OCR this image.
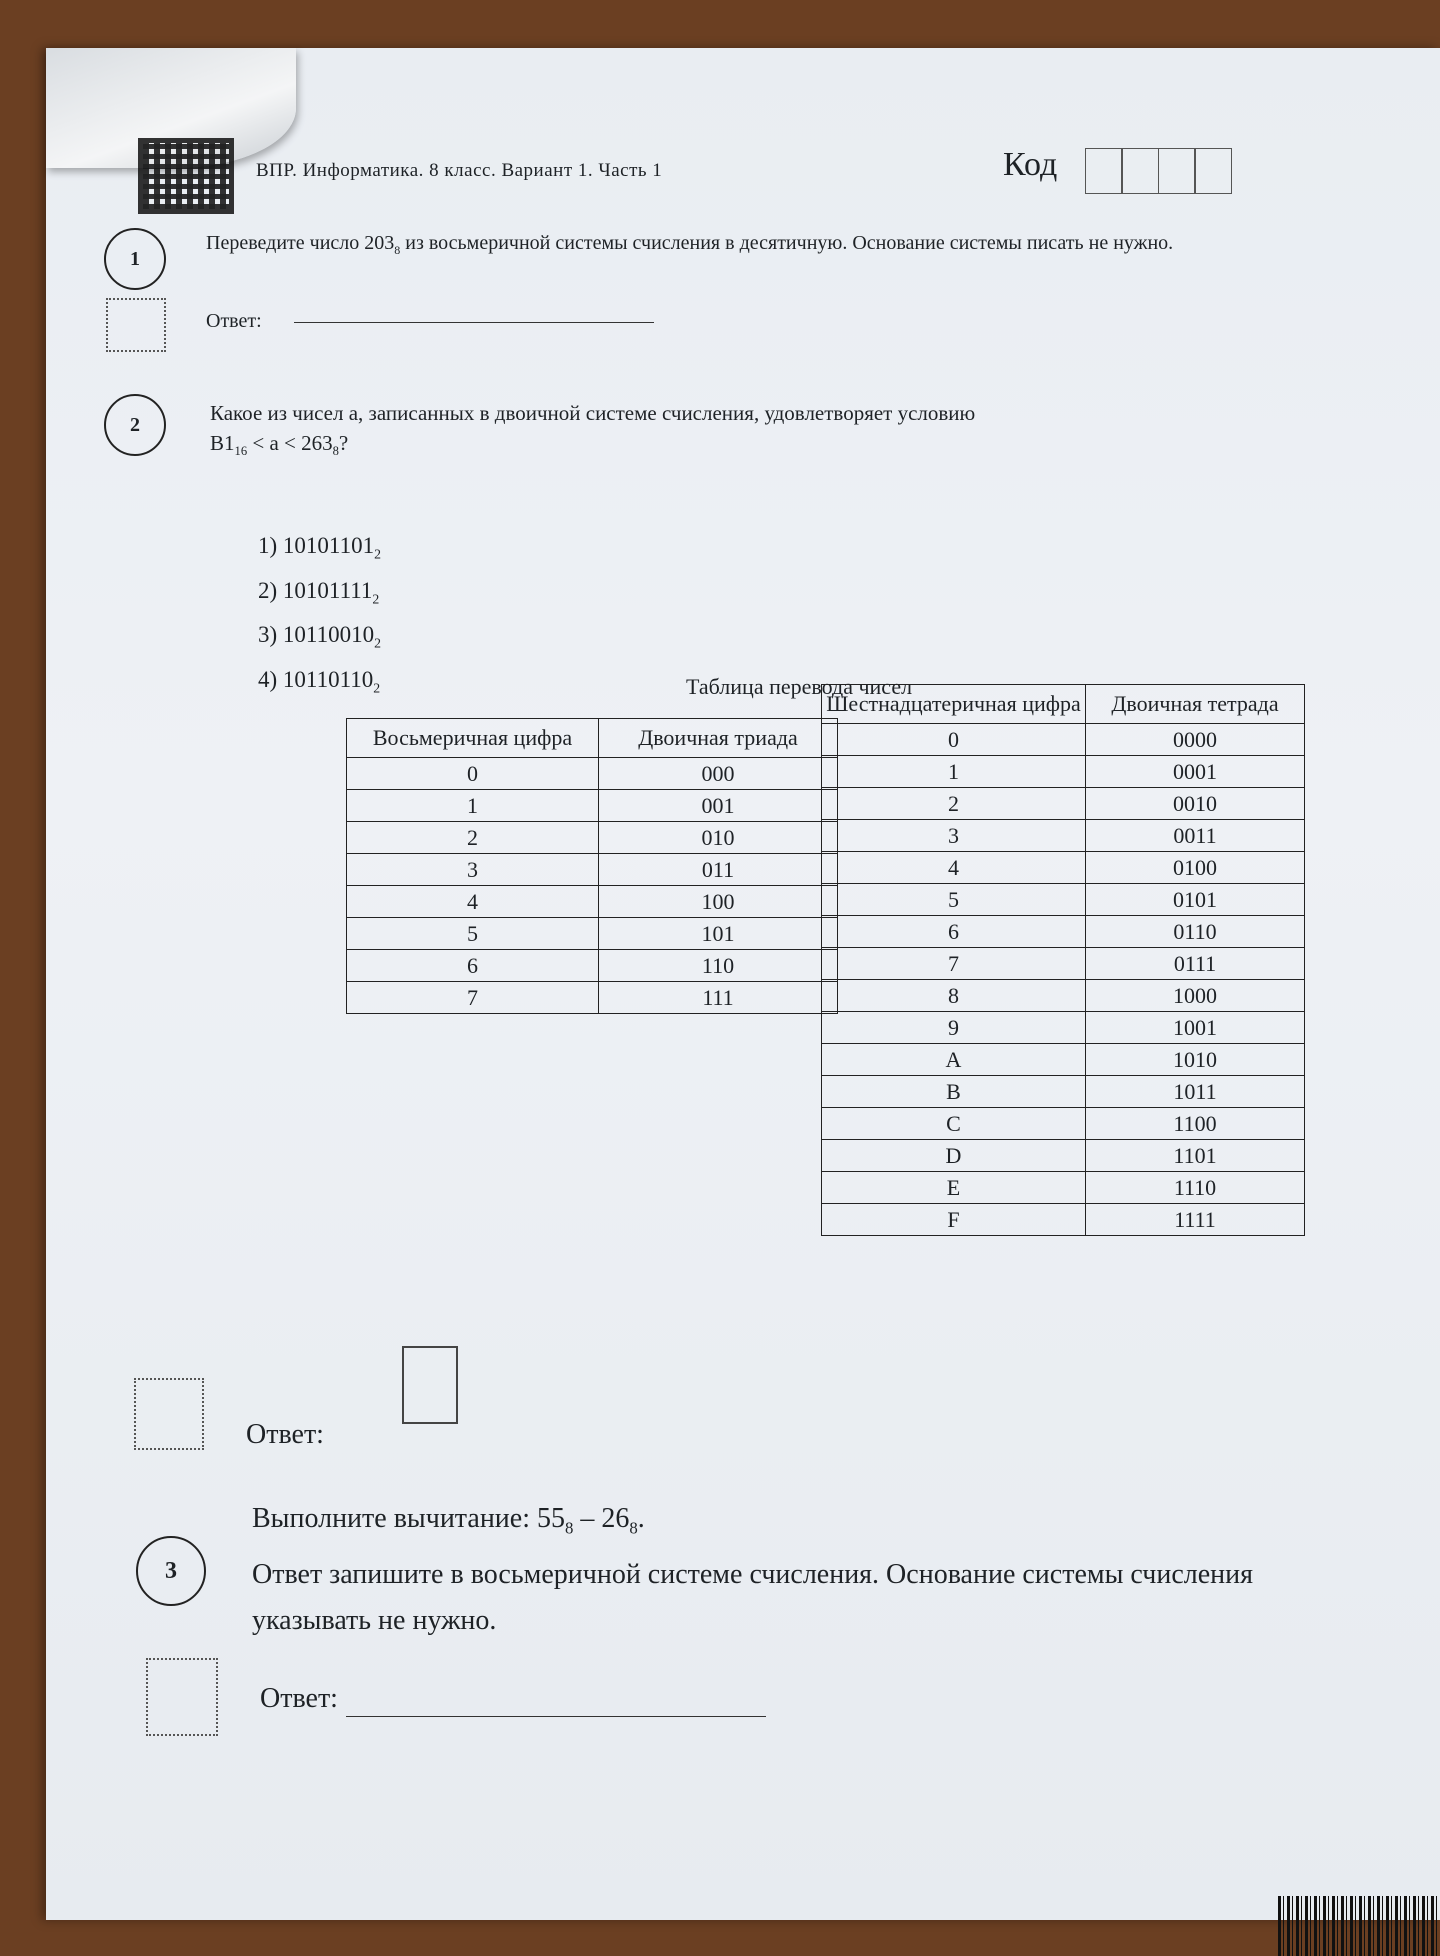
ВПР. Информатика. 8 класс. Вариант 1. Часть 1	Код
1
Переведите число $203_8$ из восьмеричной системы счисления в десятичную. Основание системы писать не нужно.
Ответ:
2	Какое из чисел a, записанных в двоичной системе счисления, удовлетворяет условию
$B1_{16} < a < 263_8$?
1) $10101101_2$
2) $10101111_2$
3) $10110010_2$
4) $10110110_2$	Таблица перевода чисел
Восьмеричная цифра	Двоичная триада
0	000
1	001
2	010
3	011
4	100
5	101
6	110
7	111
Шестнадцатеричная цифра	Двоичная тетрада
0	0000
1	0001
2	0010
3	0011
4	0100
5	0101
6	0110
7	0111
8	1000
9	1001
A	1010
B	1011
C	1100
D	1101
E	1110
F	1111
Ответ:
3
Выполните вычитание: $55_8 - 26_8$.
Ответ запишите в восьмеричной системе счисления. Основание системы счисления
указывать не нужно.
Ответ:
